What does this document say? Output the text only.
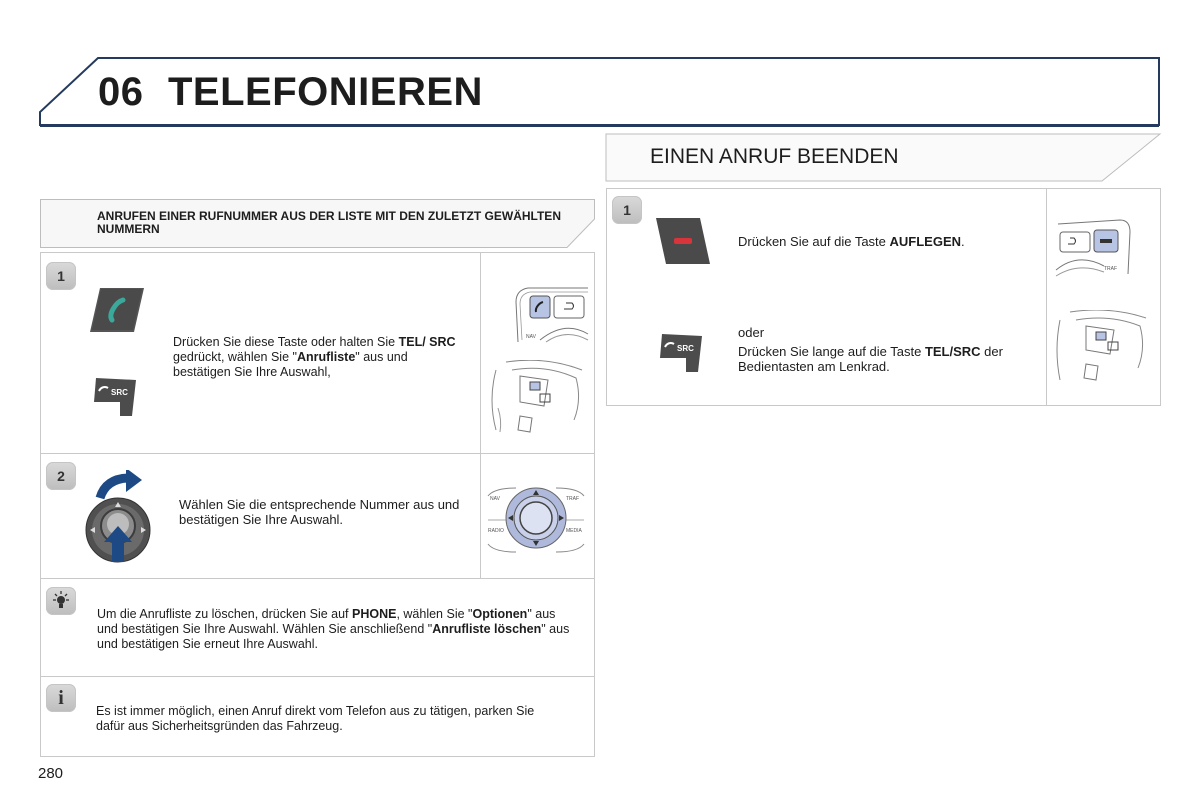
06 TELEFONIEREN
EINEN ANRUF BEENDEN
ANRUFEN EINER RUFNUMMER AUS DER LISTE MIT DEN ZULETZT GEWÄHLTEN NUMMERN
1
SRC
Drücken Sie diese Taste oder halten Sie TEL/ SRC gedrückt, wählen Sie "Anrufliste" aus und bestätigen Sie Ihre Auswahl,
NAV
2
Wählen Sie die entsprechende Nummer aus und bestätigen Sie Ihre Auswahl.
NAV	TRAF
RADIO	MEDIA
Um die Anrufliste zu löschen, drücken Sie auf PHONE, wählen Sie "Optionen" aus und bestätigen Sie Ihre Auswahl. Wählen Sie anschließend "Anrufliste löschen" aus und bestätigen Sie erneut Ihre Auswahl.
i
Es ist immer möglich, einen Anruf direkt vom Telefon aus zu tätigen, parken Sie dafür aus Sicherheitsgründen das Fahrzeug.
280
1
SRC
Drücken Sie auf die Taste AUFLEGEN.
oder
Drücken Sie lange auf die Taste TEL/SRC der Bedientasten am Lenkrad.
TRAF
